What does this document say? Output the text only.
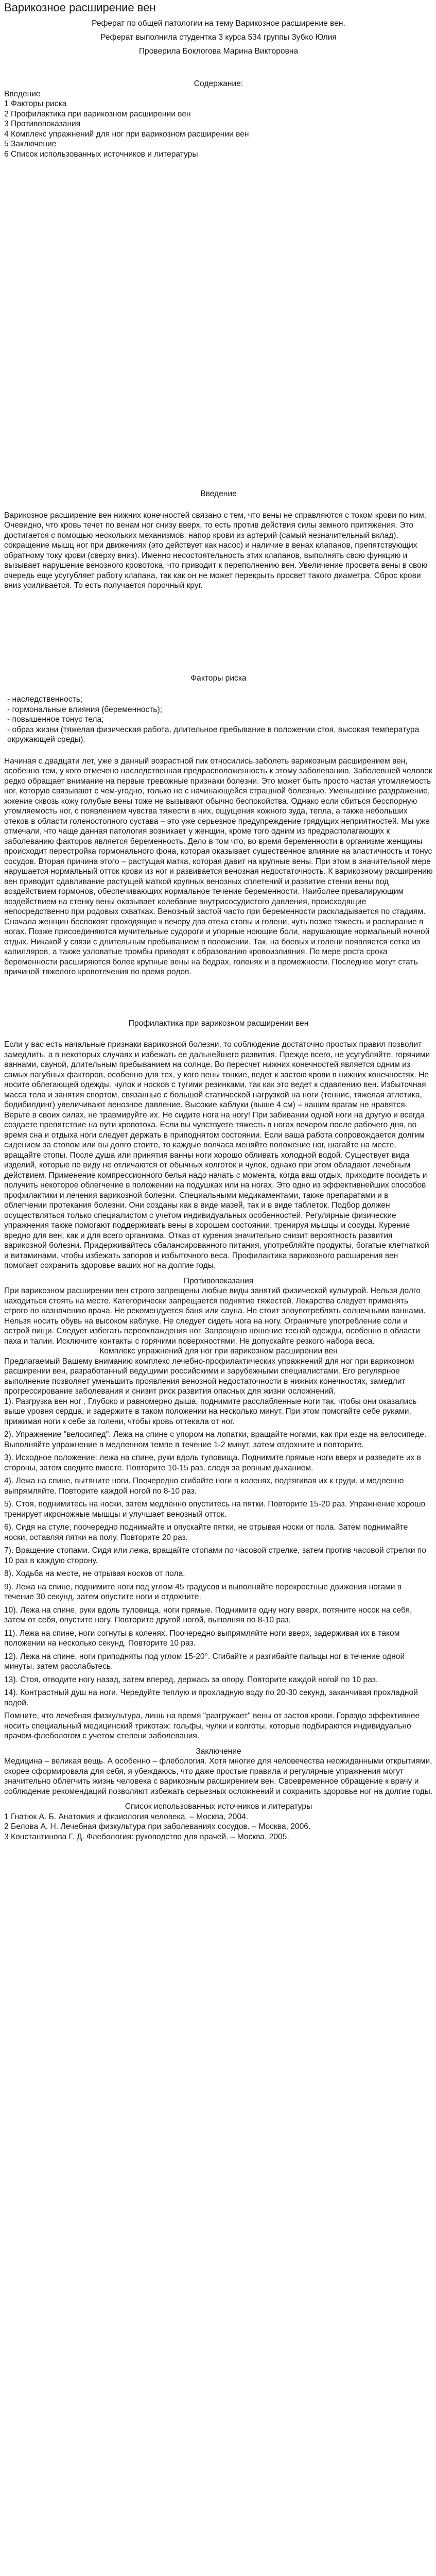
Варикозное расширение вен

Реферат по общей патологии на тему Варикозное расширение вен.

Реферат выполнила студентка 3 курса 534 группы Зубко Юлия

Проверила Боклогова Марина Викторовна

Содержание:

Введение

1 Факторы риска

2 Профилактика при варикозном расширении вен

3 Противопоказания

4 Комплекс упражнений для ног при варикозном расширении вен

5 Заключение

6 Список использованных источников и литературы

Введение

Варикозное расширение вен нижних конечностей связано с тем, что вены не справляются с током крови по ним. Очевидно, что кровь течет по венам ног снизу вверх, то есть против действия силы земного притяжения. Это достигается с помощью нескольких механизмов: напор крови из артерий (самый незначительный вклад), сокращение мышц ног при движениях (это действует как насос) и наличие в венах клапанов, препятствующих обратному току крови (сверху вниз). Именно несостоятельность этих клапанов, выполнять свою функцию и вызывает нарушение венозного кровотока, что приводит к переполнению вен. Увеличение просвета вены в свою очередь еще усугубляет работу клапана, так как он не может перекрыть просвет такого диаметра. Сброс крови вниз усиливается. То есть получается порочный круг.

Факторы риска

- наследственность;

- гормональные влияния (беременность);

- повышенное тонус тела;

- образ жизни (тяжелая физическая работа, длительное пребывание в положении стоя, высокая температура окружающей среды).

Начиная с двадцати лет, уже в данный возрастной пик относились заболеть варикозным расширением вен, особенно тем, у кого отмечено наследственная предрасположенность к этому заболеванию. Заболевшей человек редко обращает внимание на первые тревожные признаки болезни. Это может быть просто частая утомляемость ног, которую связывают с чем-угодно, только не с начинающейся страшной болезнью. Уменьшение раздражение, жжение сквозь кожу голубые вены тоже не вызывают обычно беспокойства. Однако если сбиться бесспорную утомляемость ног, с появлением чувства тяжести в них, ощущения кожного зуда, тепла, а также небольших отеков в области голеностопного сустава – это уже серьезное предупреждение грядущих неприятностей. Мы уже отмечали, что чаще данная патология возникает у женщин, кроме того одним из предрасполагающих к заболеванию факторов является беременность. Дело в том что, во время беременности в организме женщины происходит перестройка гормонального фона, которая оказывает существенное влияние на эластичность и тонус сосудов. Вторая причина этого – растущая матка, которая давит на крупные вены. При этом в значительной мере нарушается нормальный отток крови из ног и развивается венозная недостаточность. К варикозному расширению вен приводит сдавливание растущей маткой крупных венозных сплетений и развитие стенки вены под воздействием гормонов, обеспечивающих нормальное течение беременности. Наиболее превалирующим воздействием на стенку вены оказывает колебание внутрисосудистого давления, происходящие непосредственно при родовых схватках. Венозный застой часто при беременности раскладывается по стадиям. Сначала женщин беспокоят проходящие к вечеру два отека стопы и голени, чуть позже тяжесть и распирание в ногах. Позже присоединяются мучительные судороги и упорные ноющие боли, нарушающие нормальный ночной отдых. Никакой у связи с длительным пребыванием в положении. Так, на боевых и голени появляется сетка из капилляров, а также узловатые тромбы приводят к образованию кровоизлияния. По мере роста срока беременности расширяются более крупные вены на бедрах, голенях и в промежности. Последнее могут стать причиной тяжелого кровотечения во время родов.

Профилактика при варикозном расширении вен

Если у вас есть начальные признаки варикозной болезни, то соблюдение достаточно простых правил позволит замедлить, а в некоторых случаях и избежать ее дальнейшего развития. Прежде всего, не усугубляйте, горячими ваннами, сауной, длительным пребыванием на солнце. Во пересчет нижних конечностей является одним из самых пагубных факторов, особенно для тех, у кого вены тонкие, ведет к застою крови в нижних конечностях. Не носите облегающей одежды, чулок и носков с тугими резинками, так как это ведет к сдавлению вен. Избыточная масса тела и занятия спортом, связанные с большой статической нагрузкой на ноги (теннис, тяжелая атлетика, бодибилдинг) увеличивают венозное давление. Высокие каблуки (выше 4 см) – нашим врагам не нравятся. Верьте в своих силах, не травмируйте их. Не сидите нога на ногу! При забивании одной ноги на другую и всегда создаете препятствие на пути кровотока. Если вы чувствуете тяжесть в ногах вечером после рабочего дня, во время сна и отдыха ноги следует держать в приподнятом состоянии. Если ваша работа сопровождается долгим сидением за столом или вы долго стоите, то каждые полчаса меняйте положение ног, шагайте на месте, вращайте стопы. После душа или принятия ванны ноги хорошо обливать холодной водой. Существует вида изделий, которые по виду не отличаются от обычных колготок и чулок, однако при этом обладают лечебным действием. Применение компрессионного белья надо начать с момента, когда ваш отдых, приходите посидеть и получить некоторое облегчение в положении на подушках или на ногах. Это одно из эффективнейших способов профилактики и лечения варикозной болезни. Специальными медикаментами, также препаратами и в облегчении протекания болезни. Они созданы как в виде мазей, так и в виде таблеток. Подбор должен осуществляться только специалистом с учетом индивидуальных особенностей. Регулярные физические упражнения также помогают поддерживать вены в хорошем состоянии, тренируя мышцы и сосуды. Курение вредно для вен, как и для всего организма. Отказ от курения значительно снизит вероятность развития варикозной болезни. Придерживайтесь сбалансированного питания, употребляйте продукты, богатые клетчаткой и витаминами, чтобы избежать запоров и избыточного веса. Профилактика варикозного расширения вен помогает сохранить здоровье ваших ног на долгие годы.

Противопоказания

При варикозном расширении вен строго запрещены любые виды занятий физической культурой. Нельзя долго находиться стоять на месте. Категорически запрещается поднятие тяжестей. Лекарства следует применять строго по назначению врача. Не рекомендуется баня или сауна. Не стоит злоупотреблять солнечными ваннами. Нельзя носить обувь на высоком каблуке. Не следует сидеть нога на ногу. Ограничьте употребление соли и острой пищи. Следует избегать переохлаждения ног. Запрещено ношение тесной одежды, особенно в области паха и талии. Исключите контакты с горячими поверхностями. Не допускайте резкого набора веса.

Комплекс упражнений для ног при варикозном расширении вен

Предлагаемый Вашему вниманию комплекс лечебно-профилактических упражнений для ног при варикозном расширении вен, разработанный ведущими российскими и зарубежными специалистами. Его регулярное выполнение позволяет уменьшить проявления венозной недостаточности в нижних конечностях, замедлит прогрессирование заболевания и снизит риск развития опасных для жизни осложнений.

1). Разгрузка вен ног . Глубоко и равномерно дыша, поднимите расслабленные ноги так, чтобы они оказались выше уровня сердца, и задержите в таком положении на несколько минут. При этом помогайте себе руками, прижимая ноги к себе за голени, чтобы кровь оттекала от ног.

2). Упражнение "велосипед". Лежа на спине с упором на лопатки, вращайте ногами, как при езде на велосипеде. Выполняйте упражнение в медленном темпе в течение 1-2 минут, затем отдохните и повторите.

3). Исходное положение: лежа на спине, руки вдоль туловища. Поднимите прямые ноги вверх и разведите их в стороны, затем сведите вместе. Повторите 10-15 раз, следя за ровным дыханием.

4). Лежа на спине, вытяните ноги. Поочередно сгибайте ноги в коленях, подтягивая их к груди, и медленно выпрямляйте. Повторите каждой ногой по 8-10 раз.

5). Стоя, поднимитесь на носки, затем медленно опуститесь на пятки. Повторите 15-20 раз. Упражнение хорошо тренирует икроножные мышцы и улучшает венозный отток.

6). Сидя на стуле, поочередно поднимайте и опускайте пятки, не отрывая носки от пола. Затем поднимайте носки, оставляя пятки на полу. Повторите 20 раз.

7). Вращение стопами. Сидя или лежа, вращайте стопами по часовой стрелке, затем против часовой стрелки по 10 раз в каждую сторону.

8). Ходьба на месте, не отрывая носков от пола.

9). Лежа на спине, поднимите ноги под углом 45 градусов и выполняйте перекрестные движения ногами в течение 30 секунд, затем опустите ноги и отдохните.

10). Лежа на спине, руки вдоль туловища, ноги прямые. Поднимите одну ногу вверх, потяните носок на себя, затем от себя, опустите ногу. Повторите другой ногой, выполняя по 8-10 раз.

11). Лежа на спине, ноги согнуты в коленях. Поочередно выпрямляйте ноги вверх, задерживая их в таком положении на несколько секунд. Повторите 10 раз.

12). Лежа на спине, ноги приподняты под углом 15-20°. Сгибайте и разгибайте пальцы ног в течение одной минуты, затем расслабьтесь.

13). Стоя, отводите ногу назад, затем вперед, держась за опору. Повторите каждой ногой по 10 раз.

14). Контрастный душ на ноги. Чередуйте теплую и прохладную воду по 20-30 секунд, заканчивая прохладной водой.

Помните, что лечебная физкультура, лишь на время "разгружает" вены от застоя крови. Гораздо эффективнее носить специальный медицинский трикотаж: гольфы, чулки и колготы, которые подбираются индивидуально врачом-флебологом с учетом степени заболевания.

Заключение

Медицина – великая вещь. А особенно – флебология. Хотя многие для человечества неожиданными открытиями, скорее сформировала для себя, я убеждаюсь, что даже простые правила и регулярные упражнения могут значительно облегчить жизнь человека с варикозным расширением вен. Своевременное обращение к врачу и соблюдение рекомендаций позволяют избежать серьезных осложнений и сохранить здоровье ног на долгие годы.

Список использованных источников и литературы

1 Гнатюк А. Б. Анатомия и физиология человека. – Москва, 2004.

2 Белова А. Н. Лечебная физкультура при заболеваниях сосудов. – Москва, 2006.

3 Константинова Г. Д. Флебология: руководство для врачей. – Москва, 2005.
